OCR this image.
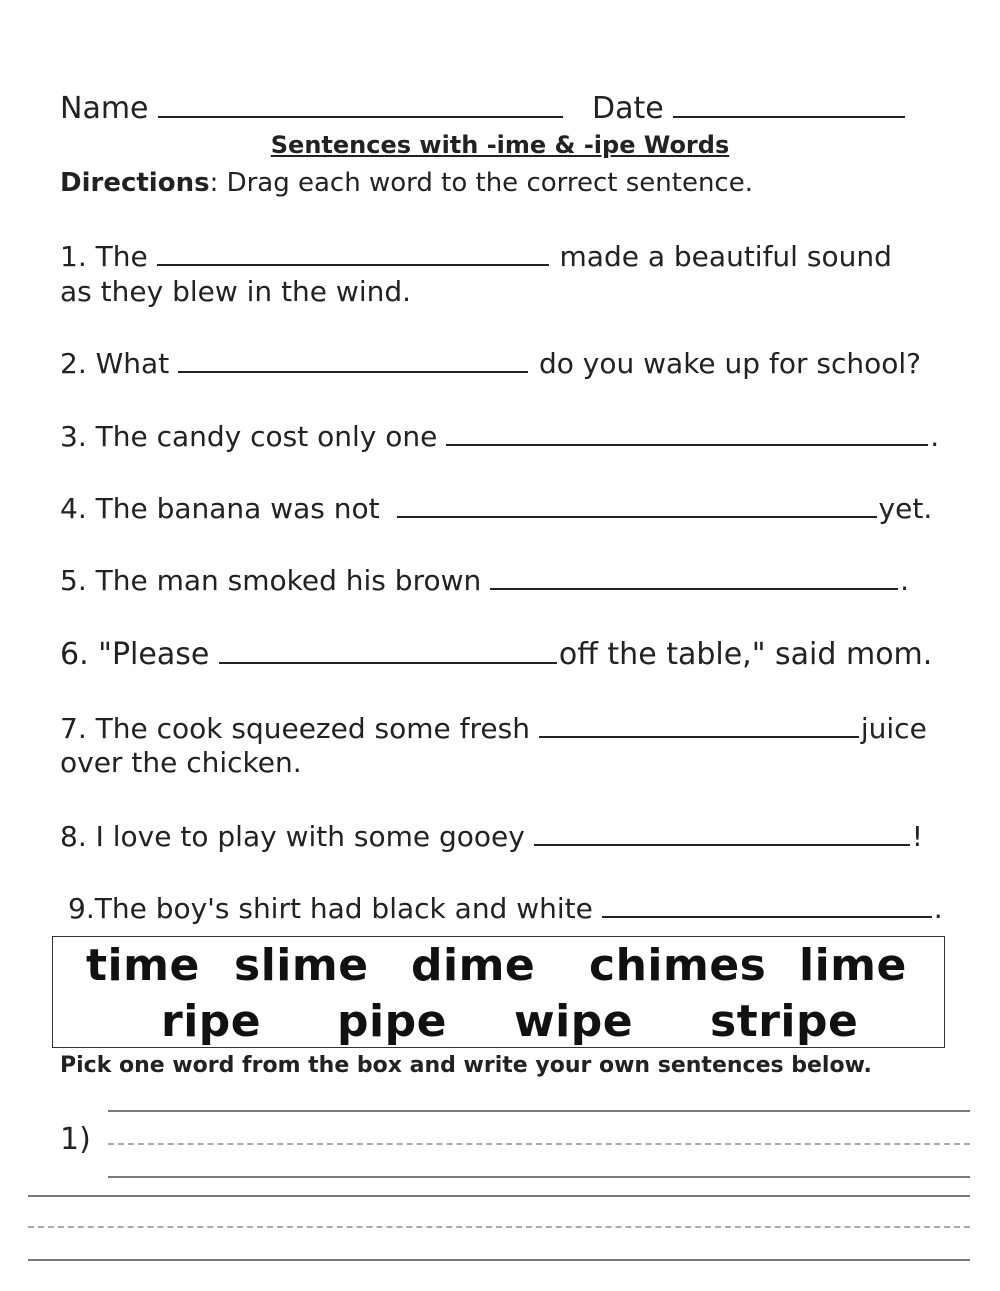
Name	Date
Sentences with -ime & -ipe Words
Directions: Drag each word to the correct sentence.
1. The	made a beautiful sound
as they blew in the wind.
2. What	do you wake up for school?
3. The candy cost only one	.
4. The banana was not	yet.
5. The man smoked his brown	.
6. "Please	off the table," said mom.
7. The cook squeezed some fresh	juice
over the chicken.
8. I love to play with some gooey	!
9.The boy's shirt had black and white	.
time slime dime chimes lime
ripe pipe wipe stripe
Pick one word from the box and write your own sentences below.
1)
